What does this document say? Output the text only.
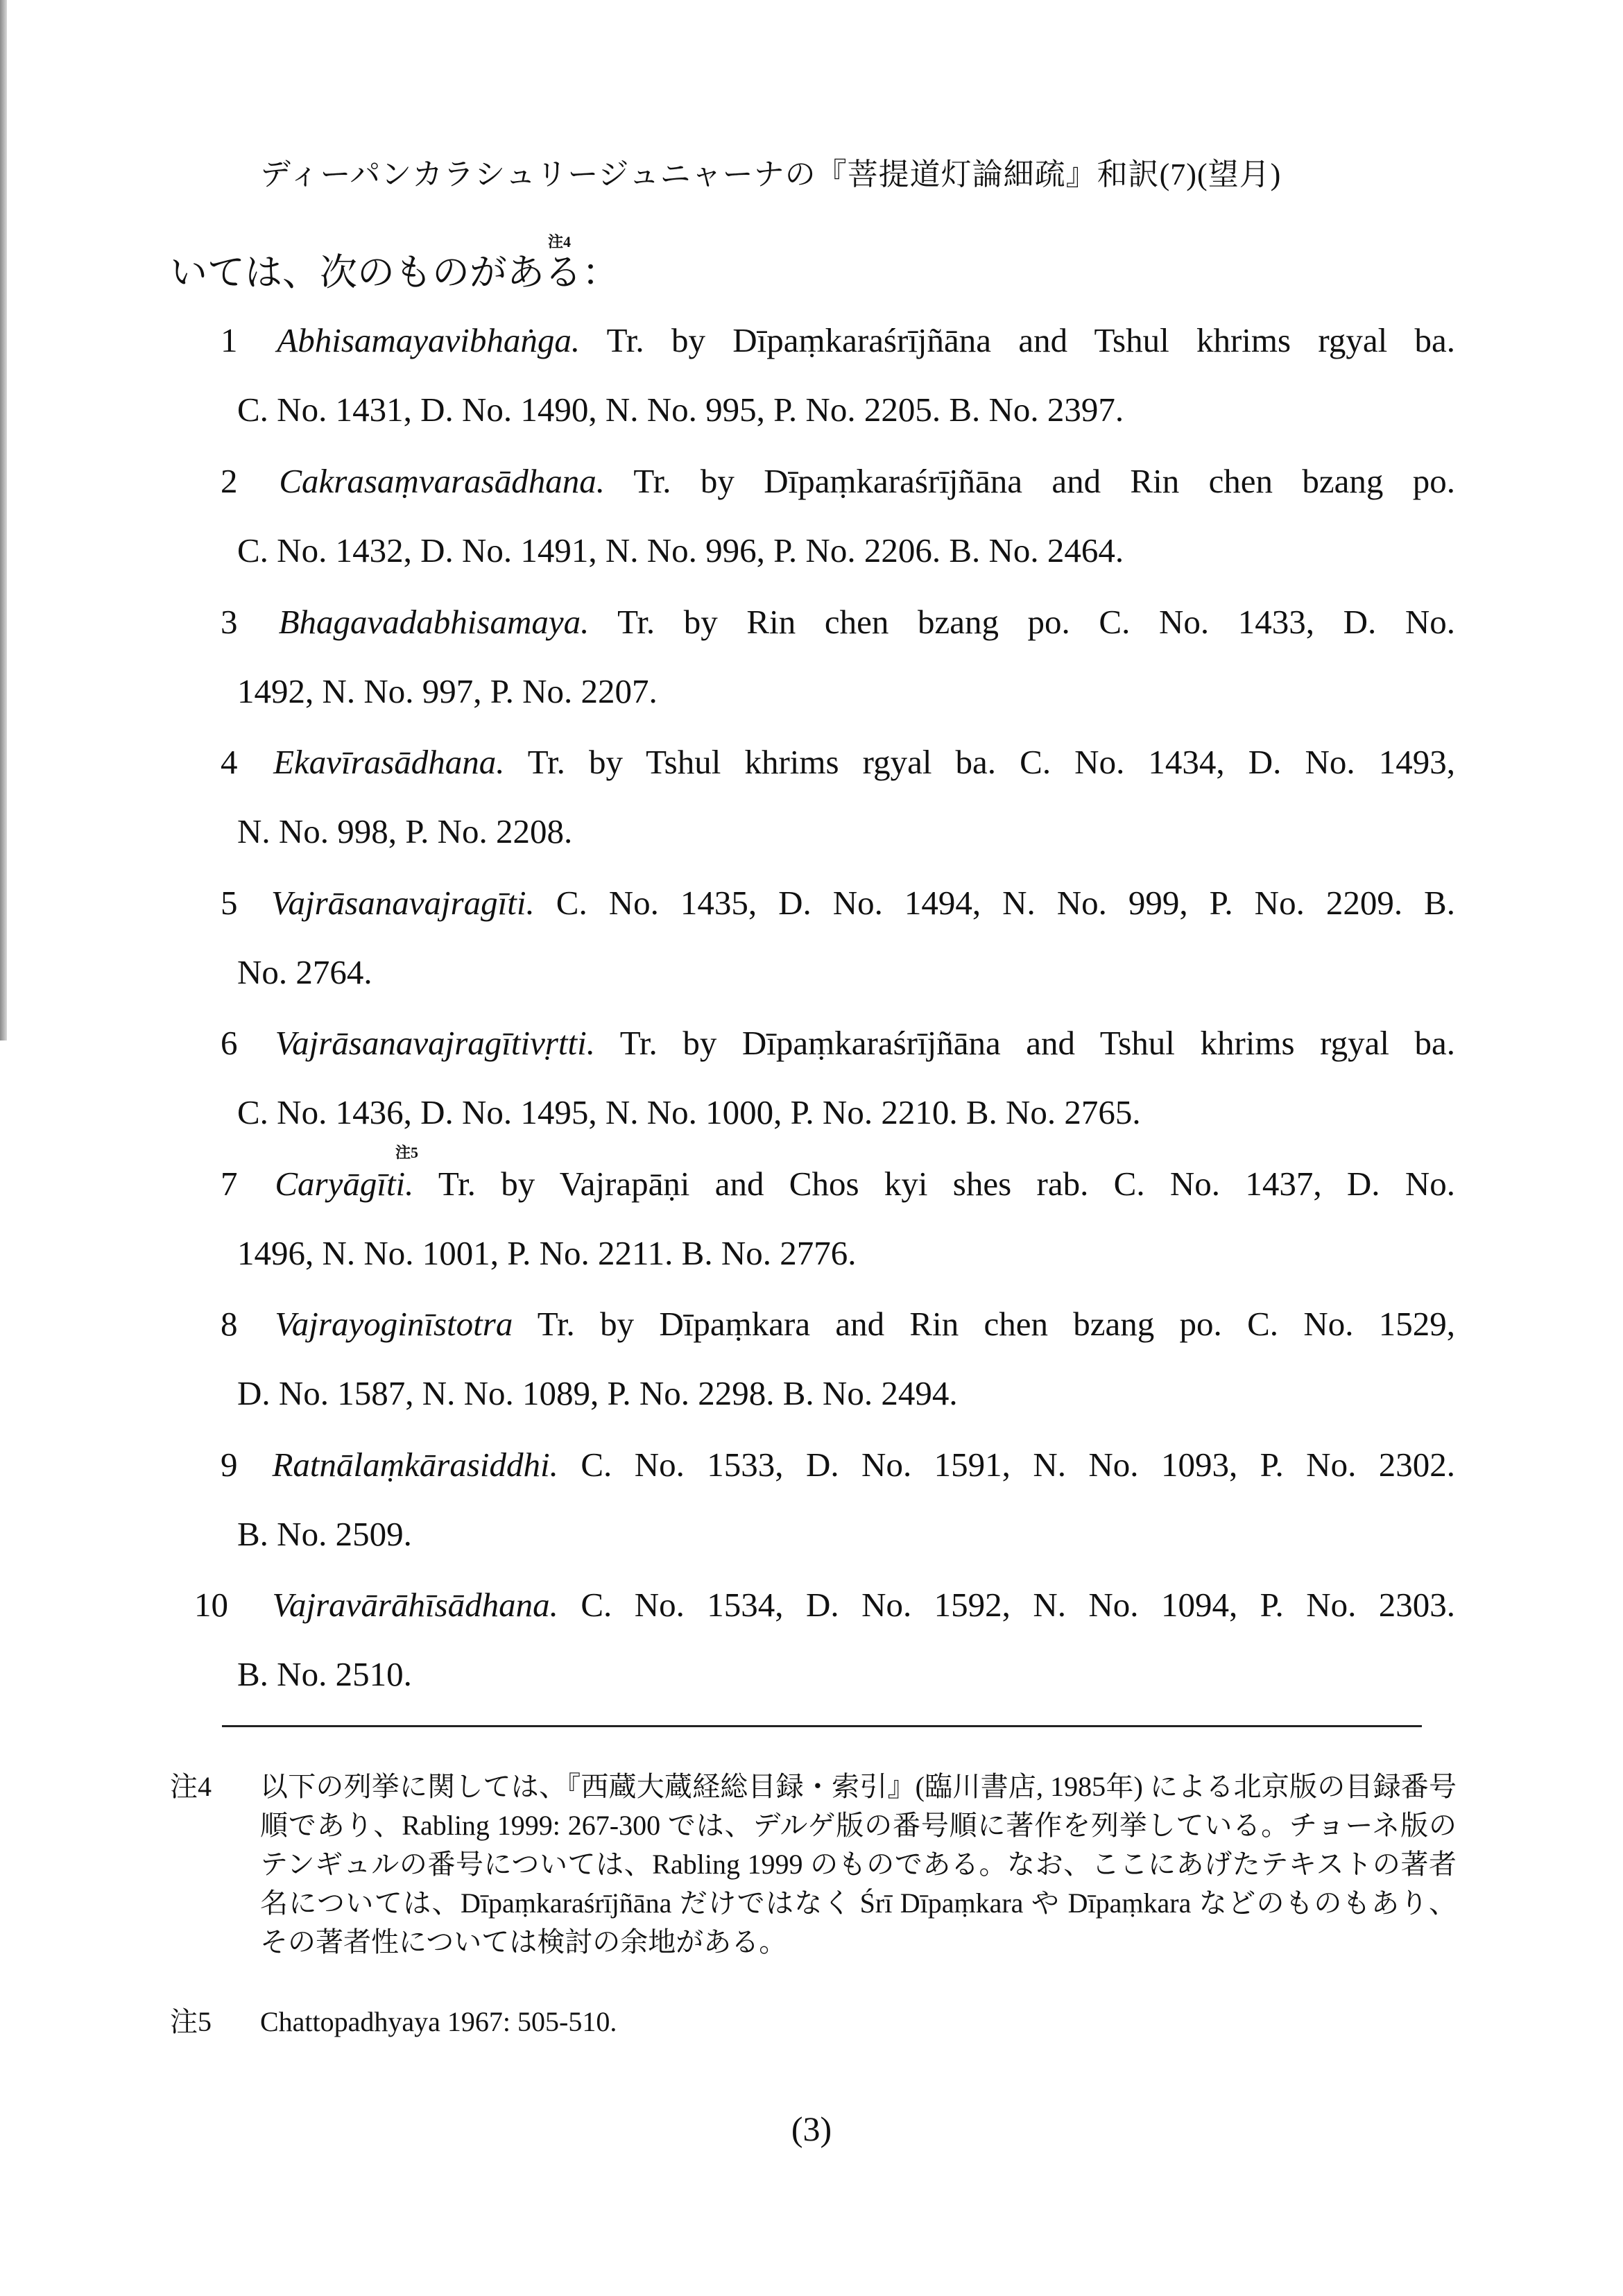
ディーパンカラシュリージュニャーナの『菩提道灯論細疏』和訳(7)(望月)
いては、次のものがある：
注4
1 Abhisamayavibhaṅga. Tr. by Dīpaṃkaraśrījñāna and Tshul khrims rgyal ba.
C. No. 1431, D. No. 1490, N. No. 995, P. No. 2205. B. No. 2397.
2 Cakrasaṃvarasādhana. Tr. by Dīpaṃkaraśrījñāna and Rin chen bzang po.
C. No. 1432, D. No. 1491, N. No. 996, P. No. 2206. B. No. 2464.
3 Bhagavadabhisamaya. Tr. by Rin chen bzang po. C. No. 1433, D. No.
1492, N. No. 997, P. No. 2207.
4 Ekavīrasādhana. Tr. by Tshul khrims rgyal ba. C. No. 1434, D. No. 1493,
N. No. 998, P. No. 2208.
5 Vajrāsanavajragīti. C. No. 1435, D. No. 1494, N. No. 999, P. No. 2209. B.
No. 2764.
6 Vajrāsanavajragītivṛtti. Tr. by Dīpaṃkaraśrījñāna and Tshul khrims rgyal ba.
C. No. 1436, D. No. 1495, N. No. 1000, P. No. 2210. B. No. 2765.
注5
7 Caryāgīti. Tr. by Vajrapāṇi and Chos kyi shes rab. C. No. 1437, D. No.
1496, N. No. 1001, P. No. 2211. B. No. 2776.
8 Vajrayoginīstotra Tr. by Dīpaṃkara and Rin chen bzang po. C. No. 1529,
D. No. 1587, N. No. 1089, P. No. 2298. B. No. 2494.
9 Ratnālaṃkārasiddhi. C. No. 1533, D. No. 1591, N. No. 1093, P. No. 2302.
B. No. 2509.
10 Vajravārāhīsādhana. C. No. 1534, D. No. 1592, N. No. 1094, P. No. 2303.
B. No. 2510.
注4 以下の列挙に関しては、『西蔵大蔵経総目録・索引』(臨川書店, 1985年) による北京版の目録番号順であり、Rabling 1999: 267-300 では、デルゲ版の番号順に著作を列挙している。チョーネ版のテンギュルの番号については、Rabling 1999 のものである。なお、ここにあげたテキストの著者名については、Dīpaṃkaraśrījñāna だけではなく Śrī Dīpaṃkara や Dīpaṃkara などのものもあり、その著者性については検討の余地がある。
注5 Chattopadhyaya 1967: 505-510.
(3)
